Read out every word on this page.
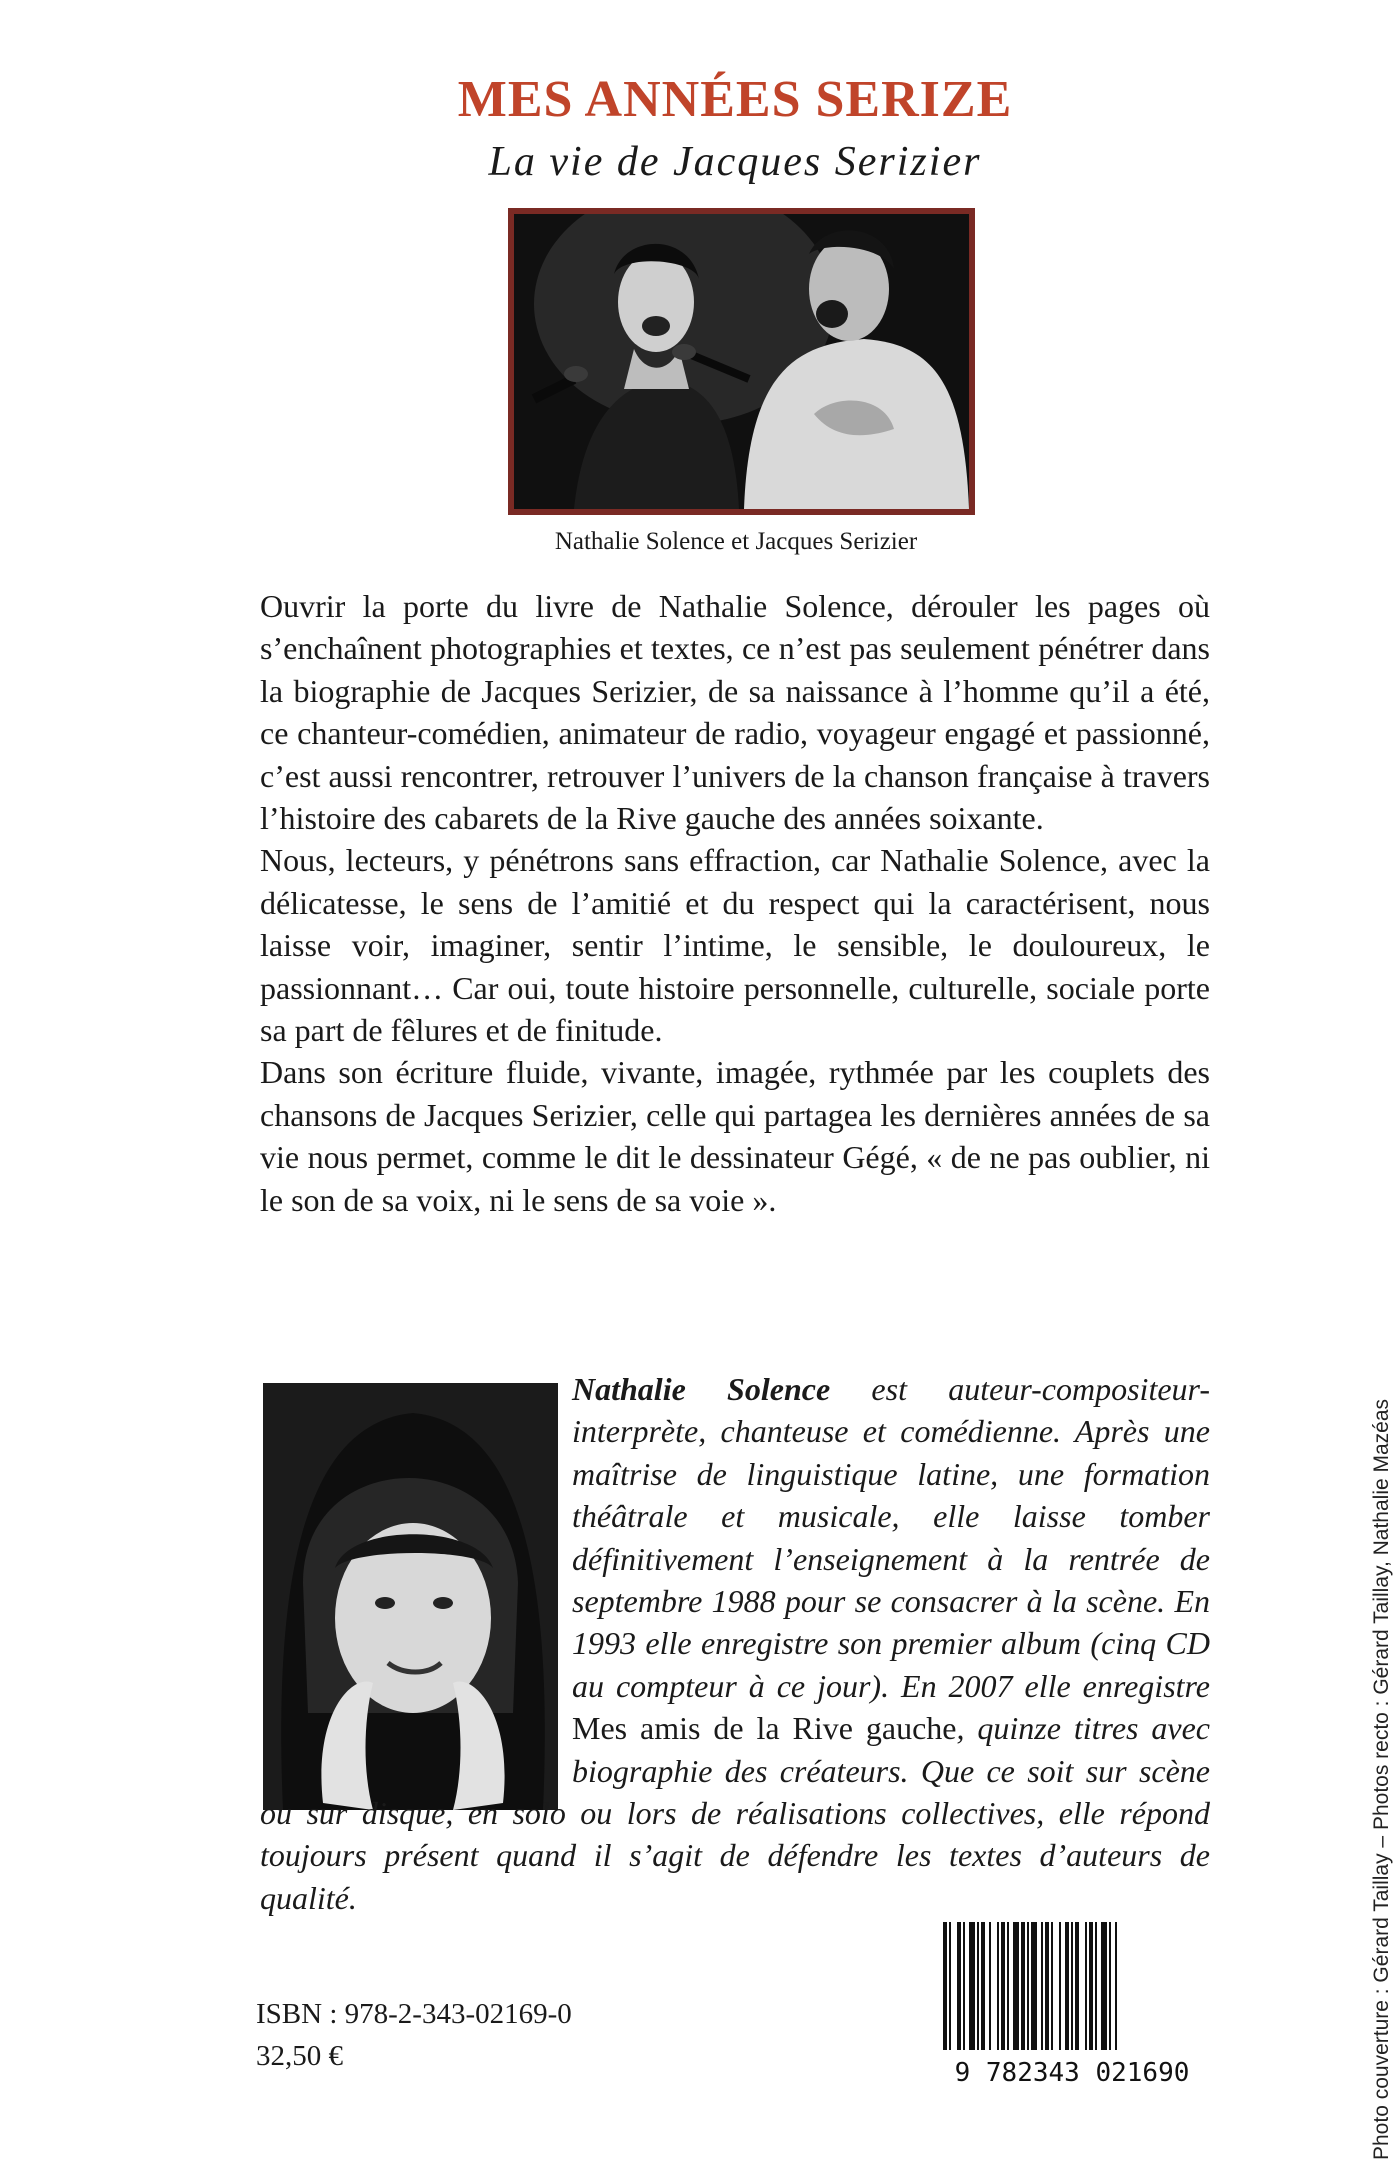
MES ANNÉES SERIZE
La vie de Jacques Serizier
Nathalie Solence et Jacques Serizier

Ouvrir la porte du livre de Nathalie Solence, dérouler les pages où s’enchaînent photographies et textes, ce n’est pas seulement pénétrer dans la biographie de Jacques Serizier, de sa naissance à l’homme qu’il a été, ce chanteur-comédien, animateur de radio, voyageur engagé et passionné, c’est aussi rencontrer, retrouver l’univers de la chanson française à travers l’histoire des cabarets de la Rive gauche des années soixante.

Nous, lecteurs, y pénétrons sans effraction, car Nathalie Solence, avec la délicatesse, le sens de l’amitié et du respect qui la caractérisent, nous laisse voir, imaginer, sentir l’intime, le sensible, le douloureux, le passionnant… Car oui, toute histoire personnelle, culturelle, sociale porte sa part de fêlures et de finitude.

Dans son écriture fluide, vivante, imagée, rythmée par les couplets des chansons de Jacques Serizier, celle qui partagea les dernières années de sa vie nous permet, comme le dit le dessinateur Gégé, « de ne pas oublier, ni le son de sa voix, ni le sens de sa voie ».

Nathalie Solence est auteur-compositeur-interprète, chanteuse et comédienne. Après une maîtrise de linguistique latine, une formation théâtrale et musicale, elle laisse tomber définitivement l’enseignement à la rentrée de septembre 1988 pour se consacrer à la scène. En 1993 elle enregistre son premier album (cinq CD au compteur à ce jour). En 2007 elle enregistre Mes amis de la Rive gauche, quinze titres avec biographie des créateurs. Que ce soit sur scène ou sur disque, en solo ou lors de réalisations collectives, elle répond toujours présent quand il s’agit de défendre les textes d’auteurs de qualité.	Photo couverture : Gérard Taillay – Photos recto : Gérard Taillay, Nathalie Mazéas
ISBN : 978-2-343-02169-0
32,50 €
9 782343 021690
